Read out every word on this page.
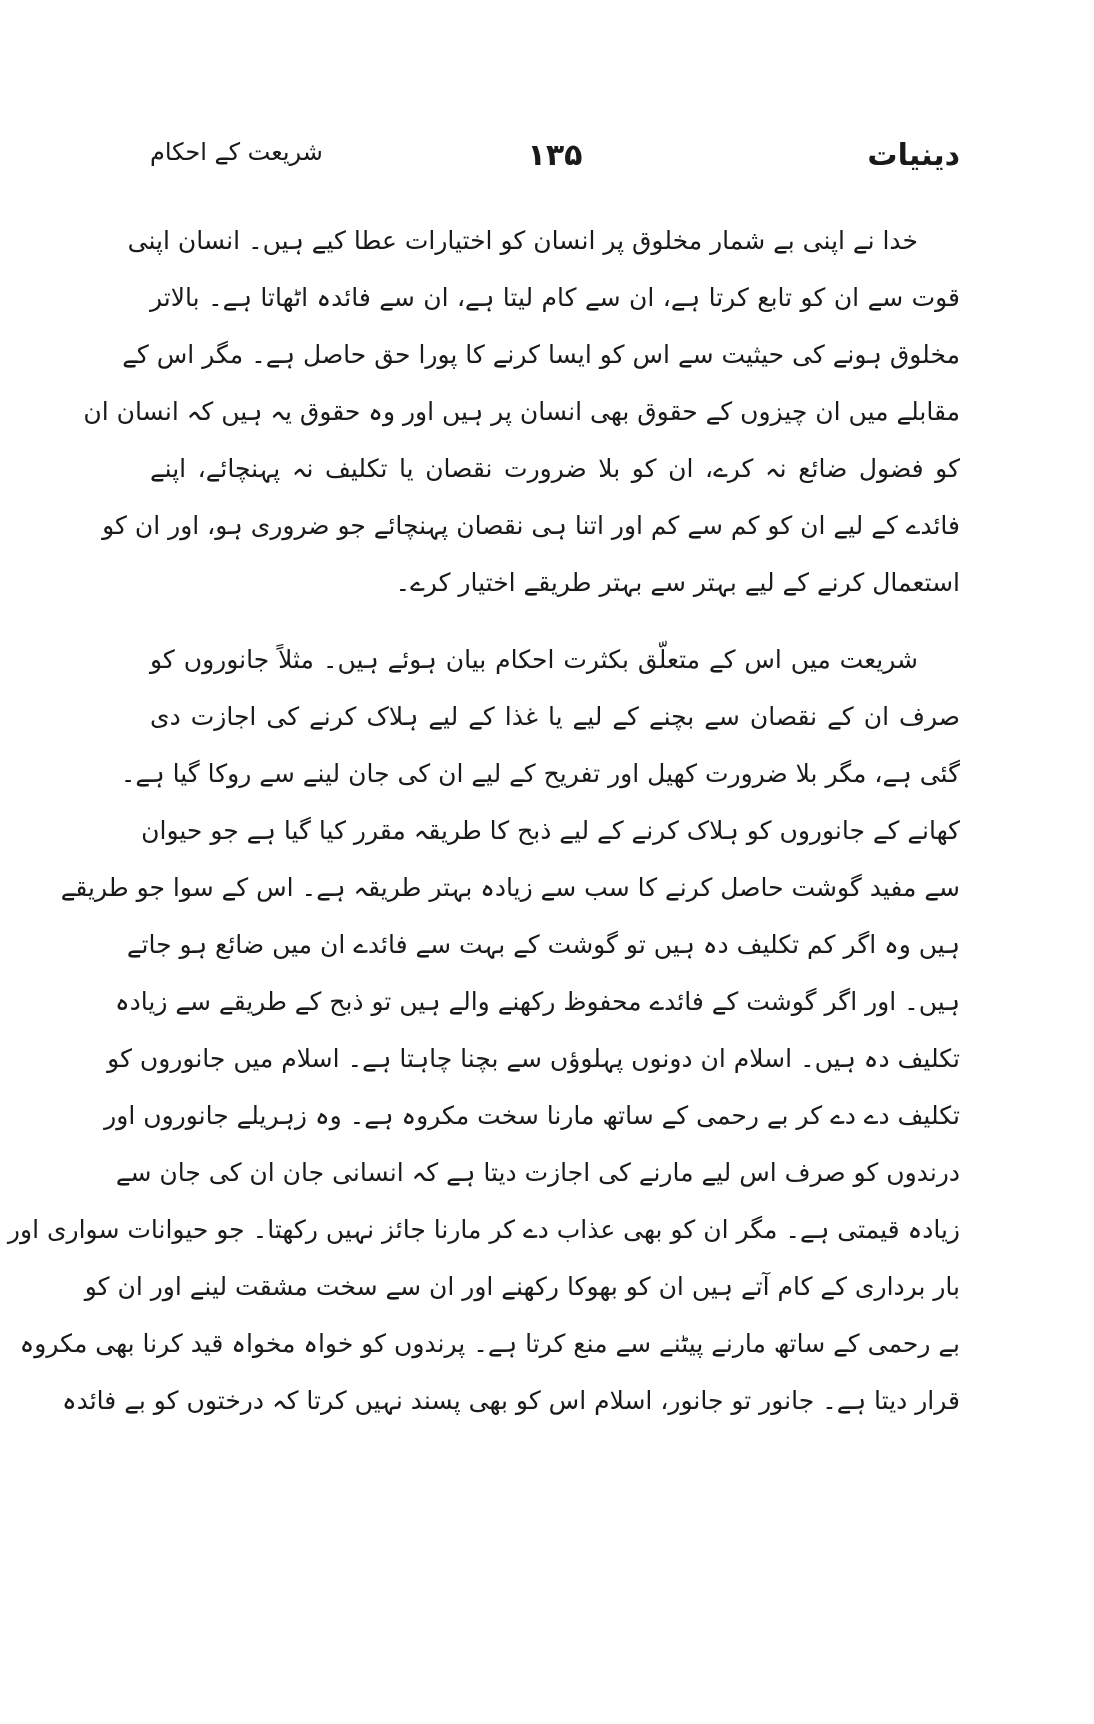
دینیات
۱۳۵
شریعت کے احکام
خدا نے اپنی بے شمار مخلوق پر انسان کو اختیارات عطا کیے ہیں۔ انسان اپنی
قوت سے ان کو تابع کرتا ہے، ان سے کام لیتا ہے، ان سے فائدہ اٹھاتا ہے۔ بالاتر
مخلوق ہونے کی حیثیت سے اس کو ایسا کرنے کا پورا حق حاصل ہے۔ مگر اس کے
مقابلے میں ان چیزوں کے حقوق بھی انسان پر ہیں اور وہ حقوق یہ ہیں کہ انسان ان
کو فضول ضائع نہ کرے، ان کو بلا ضرورت نقصان یا تکلیف نہ پہنچائے، اپنے
فائدے کے لیے ان کو کم سے کم اور اتنا ہی نقصان پہنچائے جو ضروری ہو، اور ان کو
استعمال کرنے کے لیے بہتر سے بہتر طریقے اختیار کرے۔
شریعت میں اس کے متعلّق بکثرت احکام بیان ہوئے ہیں۔ مثلاً جانوروں کو
صرف ان کے نقصان سے بچنے کے لیے یا غذا کے لیے ہلاک کرنے کی اجازت دی
گئی ہے، مگر بلا ضرورت کھیل اور تفریح کے لیے ان کی جان لینے سے روکا گیا ہے۔
کھانے کے جانوروں کو ہلاک کرنے کے لیے ذبح کا طریقہ مقرر کیا گیا ہے جو حیوان
سے مفید گوشت حاصل کرنے کا سب سے زیادہ بہتر طریقہ ہے۔ اس کے سوا جو طریقے
ہیں وہ اگر کم تکلیف دہ ہیں تو گوشت کے بہت سے فائدے ان میں ضائع ہو جاتے
ہیں۔ اور اگر گوشت کے فائدے محفوظ رکھنے والے ہیں تو ذبح کے طریقے سے زیادہ
تکلیف دہ ہیں۔ اسلام ان دونوں پہلوؤں سے بچنا چاہتا ہے۔ اسلام میں جانوروں کو
تکلیف دے دے کر بے رحمی کے ساتھ مارنا سخت مکروہ ہے۔ وہ زہریلے جانوروں اور
درندوں کو صرف اس لیے مارنے کی اجازت دیتا ہے کہ انسانی جان ان کی جان سے
زیادہ قیمتی ہے۔ مگر ان کو بھی عذاب دے کر مارنا جائز نہیں رکھتا۔ جو حیوانات سواری اور
بار برداری کے کام آتے ہیں ان کو بھوکا رکھنے اور ان سے سخت مشقت لینے اور ان کو
بے رحمی کے ساتھ مارنے پیٹنے سے منع کرتا ہے۔ پرندوں کو خواہ مخواہ قید کرنا بھی مکروہ
قرار دیتا ہے۔ جانور تو جانور، اسلام اس کو بھی پسند نہیں کرتا کہ درختوں کو بے فائدہ
